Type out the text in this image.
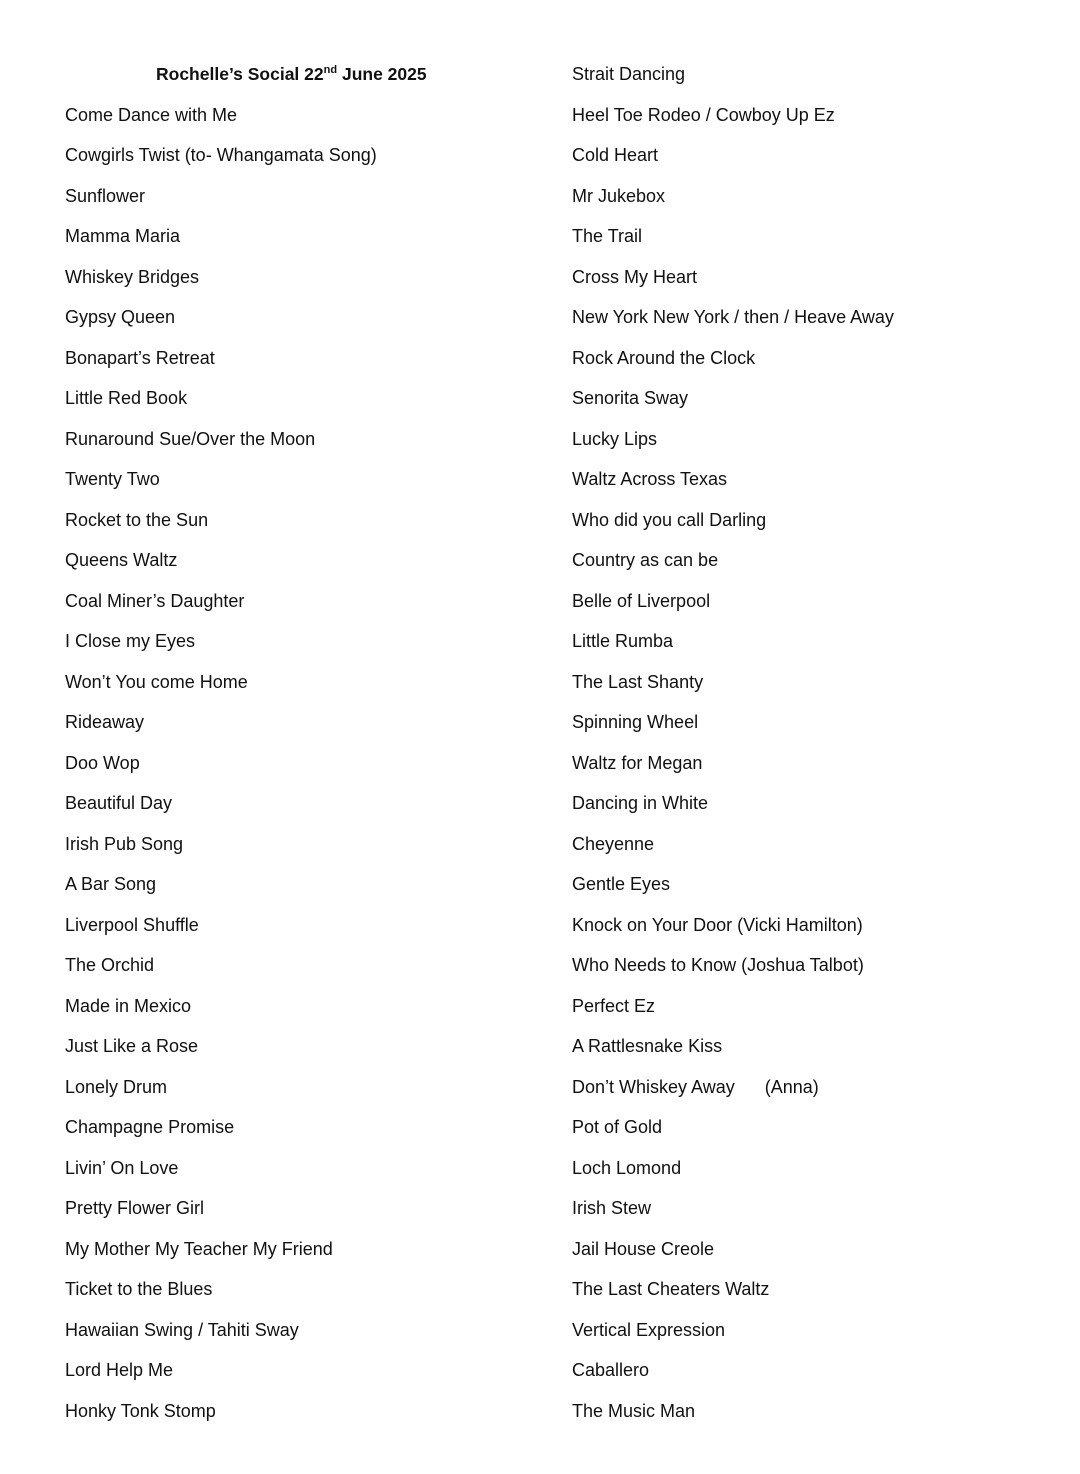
Rochelle’s Social 22nd June 2025
Come Dance with Me
Cowgirls Twist (to- Whangamata Song)
Sunflower
Mamma Maria
Whiskey Bridges
Gypsy Queen
Bonapart’s Retreat
Little Red Book
Runaround Sue/Over the Moon
Twenty Two
Rocket to the Sun
Queens Waltz
Coal Miner’s Daughter
I Close my Eyes
Won’t You come Home
Rideaway
Doo Wop
Beautiful Day
Irish Pub Song
A Bar Song
Liverpool Shuffle
The Orchid
Made in Mexico
Just Like a Rose
Lonely Drum
Champagne Promise
Livin’ On Love
Pretty Flower Girl
My Mother My Teacher My Friend
Ticket to the Blues
Hawaiian Swing / Tahiti Sway
Lord Help Me
Honky Tonk Stomp
Strait Dancing
Heel Toe Rodeo / Cowboy Up Ez
Cold Heart
Mr Jukebox
The Trail
Cross My Heart
New York New York / then / Heave Away
Rock Around the Clock
Senorita Sway
Lucky Lips
Waltz Across Texas
Who did you call Darling
Country as can be
Belle of Liverpool
Little Rumba
The Last Shanty
Spinning Wheel
Waltz for Megan
Dancing in White
Cheyenne
Gentle Eyes
Knock on Your Door (Vicki Hamilton)
Who Needs to Know (Joshua Talbot)
Perfect Ez
A Rattlesnake Kiss
Don’t Whiskey Away (Anna)
Pot of Gold
Loch Lomond
Irish Stew
Jail House Creole
The Last Cheaters Waltz
Vertical Expression
Caballero
The Music Man
